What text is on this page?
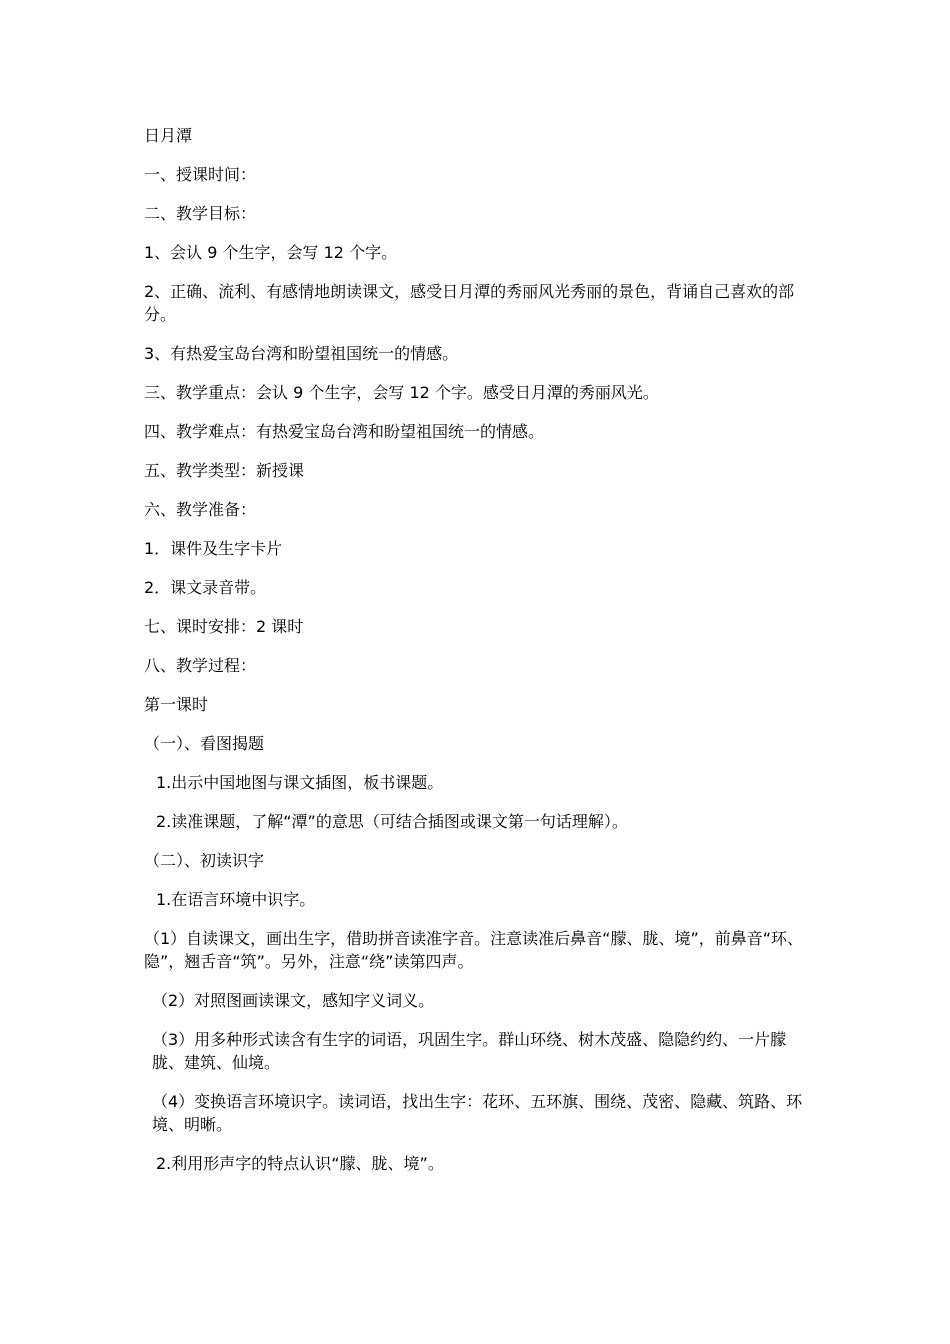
日月潭

一、授课时间：

二、教学目标：

1、会认 9 个生字，会写 12 个字。

2、正确、流利、有感情地朗读课文，感受日月潭的秀丽风光秀丽的景色，背诵自己喜欢的部分。

3、有热爱宝岛台湾和盼望祖国统一的情感。

三、教学重点：会认 9 个生字，会写 12 个字。感受日月潭的秀丽风光。

四、教学难点：有热爱宝岛台湾和盼望祖国统一的情感。

五、教学类型：新授课

六、教学准备：

1．课件及生字卡片

2．课文录音带。

七、课时安排：2 课时

八、教学过程：

第一课时

（一）、看图揭题

1.出示中国地图与课文插图，板书课题。

2.读准课题，了解“潭”的意思（可结合插图或课文第一句话理解）。

（二）、初读识字

1.在语言环境中识字。

（1）自读课文，画出生字，借助拼音读准字音。注意读准后鼻音“朦、胧、境”，前鼻音“环、隐”，翘舌音“筑”。另外，注意“绕”读第四声。

（2）对照图画读课文，感知字义词义。

（3）用多种形式读含有生字的词语，巩固生字。群山环绕、树木茂盛、隐隐约约、一片朦胧、建筑、仙境。

（4）变换语言环境识字。读词语，找出生字：花环、五环旗、围绕、茂密、隐藏、筑路、环境、明晰。

2.利用形声字的特点认识“朦、胧、境”。
